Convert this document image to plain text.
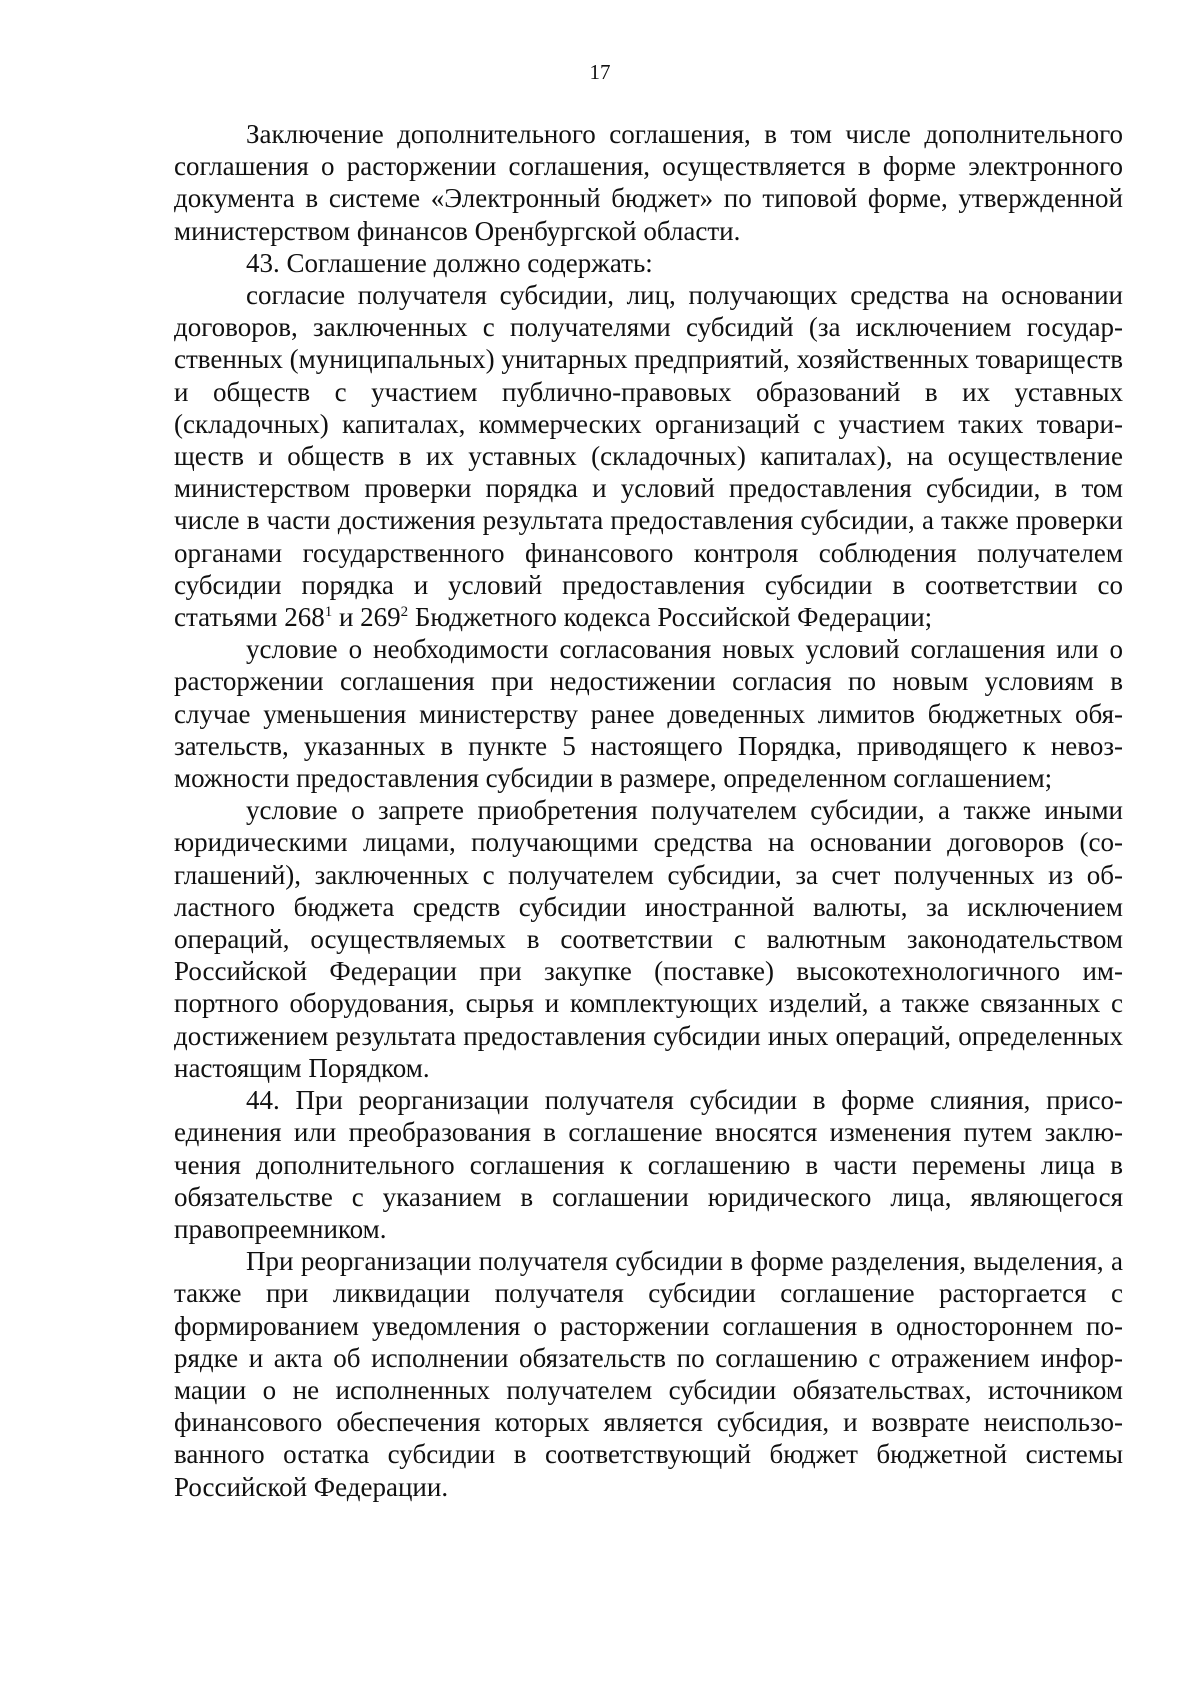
17

Заключение дополнительного соглашения, в том числе дополнительного соглашения о расторжении соглашения, осуществляется в форме электронного документа в системе «Электронный бюджет» по типовой форме, утвержденной министерством финансов Оренбургской области.

43. Соглашение должно содержать:

согласие получателя субсидии, лиц, получающих средства на основании договоров, заключенных с получателями субсидий (за исключением государственных (муниципальных) унитарных предприятий, хозяйственных товариществ и обществ с участием публично-правовых образований в их уставных (складочных) капиталах, коммерческих организаций с участием таких товариществ и обществ в их уставных (складочных) капиталах), на осуществление министерством проверки порядка и условий предоставления субсидии, в том числе в части достижения результата предоставления субсидии, а также проверки органами государственного финансового контроля соблюдения получателем субсидии порядка и условий предоставления субсидии в соответствии со статьями $268^1$ и $269^2$ Бюджетного кодекса Российской Федерации;

условие о необходимости согласования новых условий соглашения или о расторжении соглашения при недостижении согласия по новым условиям в случае уменьшения министерству ранее доведенных лимитов бюджетных обязательств, указанных в пункте 5 настоящего Порядка, приводящего к невозможности предоставления субсидии в размере, определенном соглашением;

условие о запрете приобретения получателем субсидии, а также иными юридическими лицами, получающими средства на основании договоров (соглашений), заключенных с получателем субсидии, за счет полученных из областного бюджета средств субсидии иностранной валюты, за исключением операций, осуществляемых в соответствии с валютным законодательством Российской Федерации при закупке (поставке) высокотехнологичного импортного оборудования, сырья и комплектующих изделий, а также связанных с достижением результата предоставления субсидии иных операций, определенных настоящим Порядком.

44. При реорганизации получателя субсидии в форме слияния, присоединения или преобразования в соглашение вносятся изменения путем заключения дополнительного соглашения к соглашению в части перемены лица в обязательстве с указанием в соглашении юридического лица, являющегося правопреемником.

При реорганизации получателя субсидии в форме разделения, выделения, а также при ликвидации получателя субсидии соглашение расторгается с формированием уведомления о расторжении соглашения в одностороннем порядке и акта об исполнении обязательств по соглашению с отражением информации о не исполненных получателем субсидии обязательствах, источником финансового обеспечения которых является субсидия, и возврате неиспользованного остатка субсидии в соответствующий бюджет бюджетной системы Российской Федерации.
